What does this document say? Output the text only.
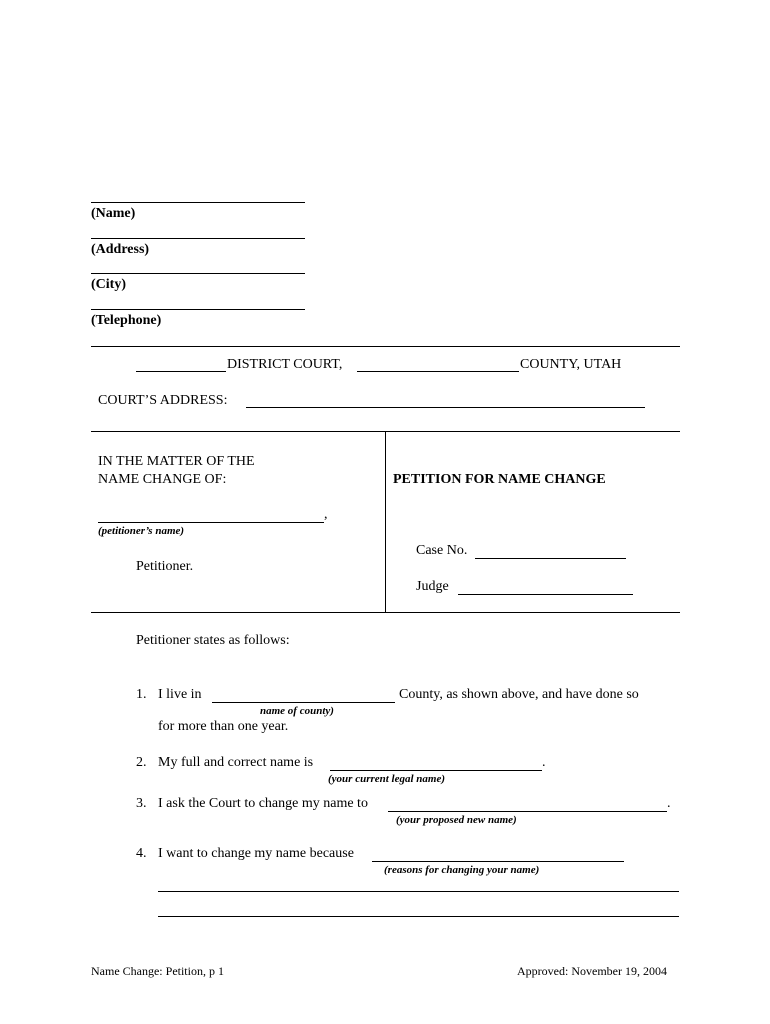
(Name)
(Address)
(City)
(Telephone)
DISTRICT COURT,	COUNTY, UTAH
COURT’S ADDRESS:
IN THE MATTER OF THE
NAME CHANGE OF:
,
(petitioner’s name)
Petitioner.
PETITION FOR NAME CHANGE
Case No.
Judge
Petitioner states as follows:
1. I live in	County, as shown above, and have done so
name of county)
for more than one year.
2. My full and correct name is	.
(your current legal name)
3. I ask the Court to change my name to	.
(your proposed new name)
4. I want to change my name because
(reasons for changing your name)
Name Change: Petition, p 1	Approved: November 19, 2004
